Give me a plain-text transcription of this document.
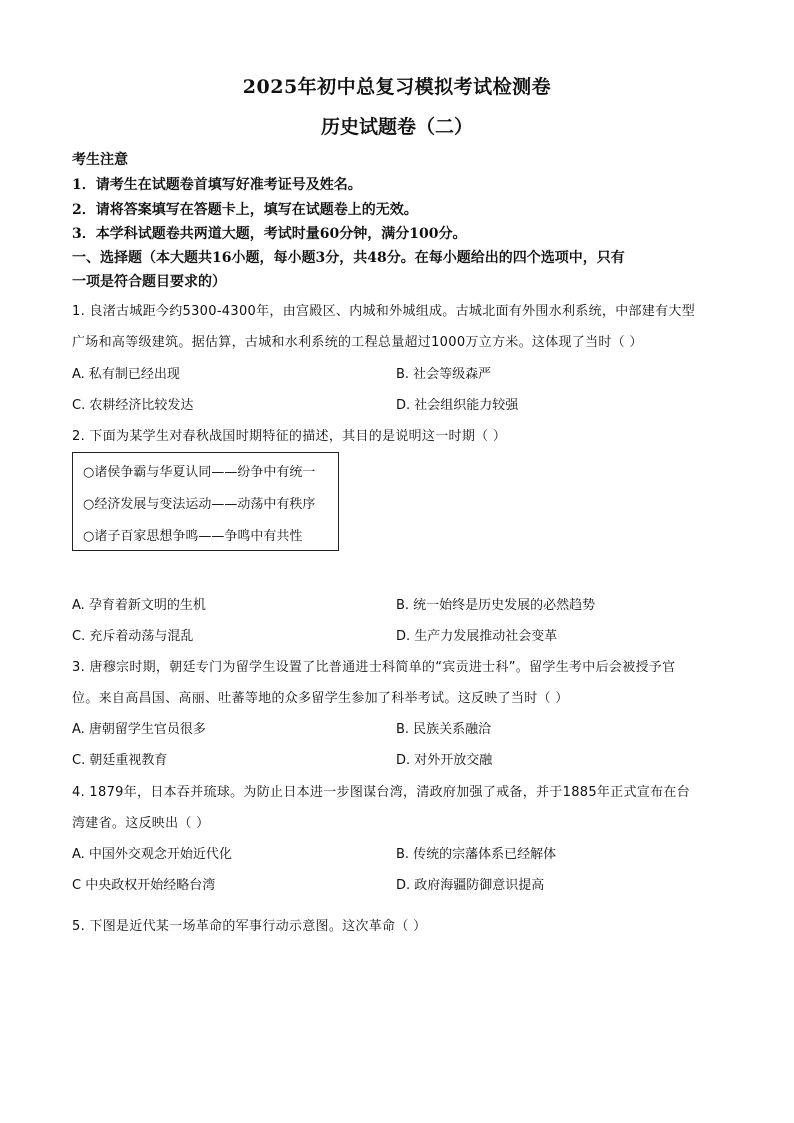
2025年初中总复习模拟考试检测卷
历史试题卷（二）
考生注意
1．请考生在试题卷首填写好准考证号及姓名。
2．请将答案填写在答题卡上，填写在试题卷上的无效。
3．本学科试题卷共两道大题，考试时量60分钟，满分100分。
一、选择题（本大题共16小题，每小题3分，共48分。在每小题给出的四个选项中，只有
一项是符合题目要求的）
1. 良渚古城距今约5300-4300年，由宫殿区、内城和外城组成。古城北面有外围水利系统，中部建有大型
广场和高等级建筑。据估算，古城和水利系统的工程总量超过1000万立方米。这体现了当时（ ）
A. 私有制已经出现	B. 社会等级森严
C. 农耕经济比较发达	D. 社会组织能力较强
2. 下面为某学生对春秋战国时期特征的描述，其目的是说明这一时期（ ）
○诸侯争霸与华夏认同——纷争中有统一
○经济发展与变法运动——动荡中有秩序
○诸子百家思想争鸣——争鸣中有共性
A. 孕育着新文明的生机	B. 统一始终是历史发展的必然趋势
C. 充斥着动荡与混乱	D. 生产力发展推动社会变革
3. 唐穆宗时期，朝廷专门为留学生设置了比普通进士科简单的“宾贡进士科”。留学生考中后会被授予官
位。来自高昌国、高丽、吐蕃等地的众多留学生参加了科举考试。这反映了当时（ ）
A. 唐朝留学生官员很多	B. 民族关系融洽
C. 朝廷重视教育	D. 对外开放交融
4. 1879年，日本吞并琉球。为防止日本进一步图谋台湾，清政府加强了戒备，并于1885年正式宣布在台
湾建省。这反映出（ ）
A. 中国外交观念开始近代化	B. 传统的宗藩体系已经解体
C 中央政权开始经略台湾	D. 政府海疆防御意识提高
5. 下图是近代某一场革命的军事行动示意图。这次革命（ ）
